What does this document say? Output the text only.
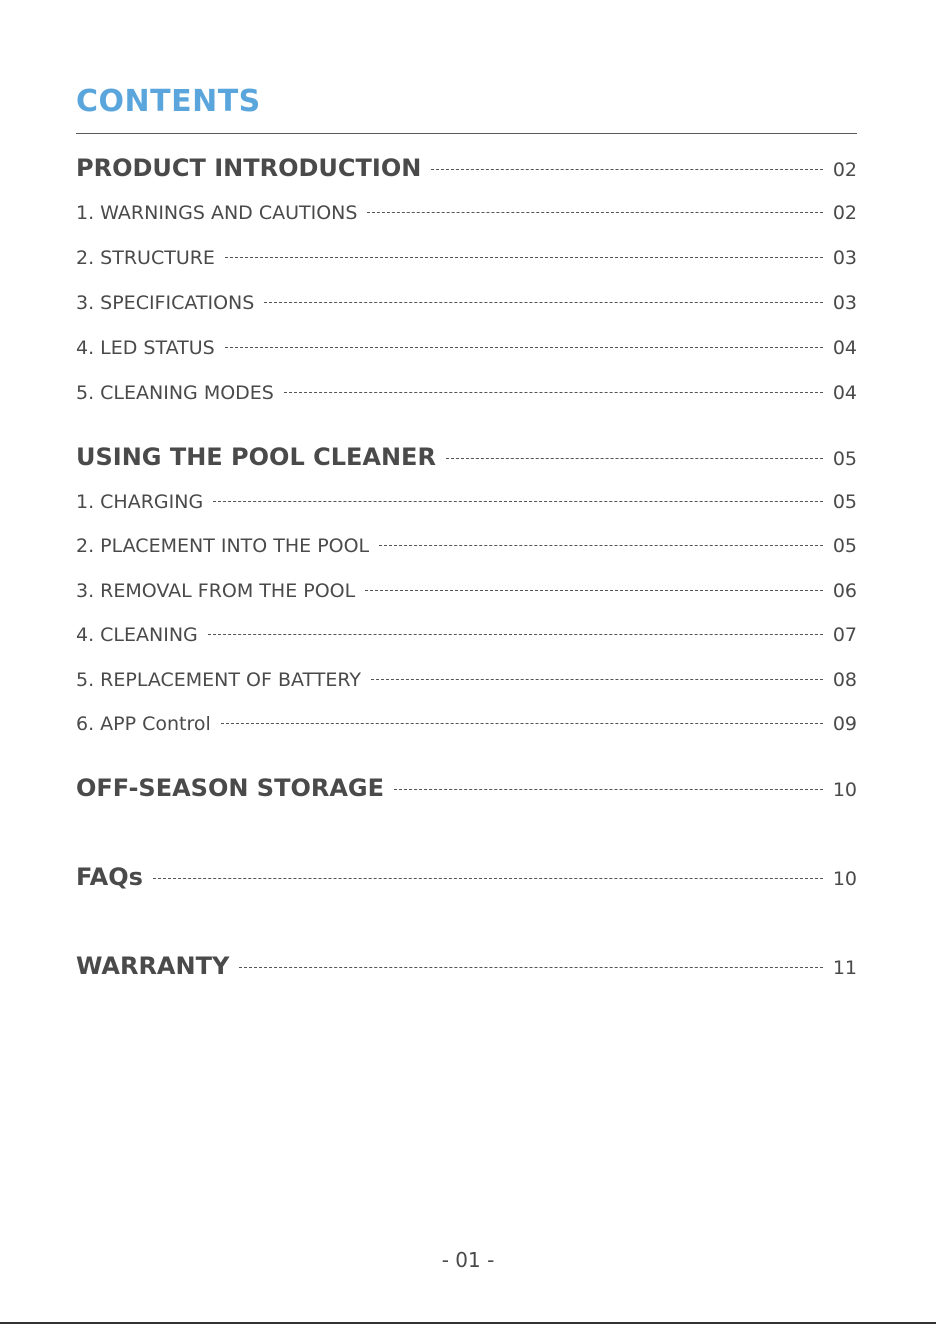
CONTENTS
PRODUCT INTRODUCTION	02
1. WARNINGS AND CAUTIONS	02
2. STRUCTURE	03
3. SPECIFICATIONS	03
4. LED STATUS	04
5. CLEANING MODES	04
USING THE POOL CLEANER	05
1. CHARGING	05
2. PLACEMENT INTO THE POOL	05
3. REMOVAL FROM THE POOL	06
4. CLEANING	07
5. REPLACEMENT OF BATTERY	08
6. APP Control	09
OFF-SEASON STORAGE	10
FAQs	10
WARRANTY	11
- 01 -
